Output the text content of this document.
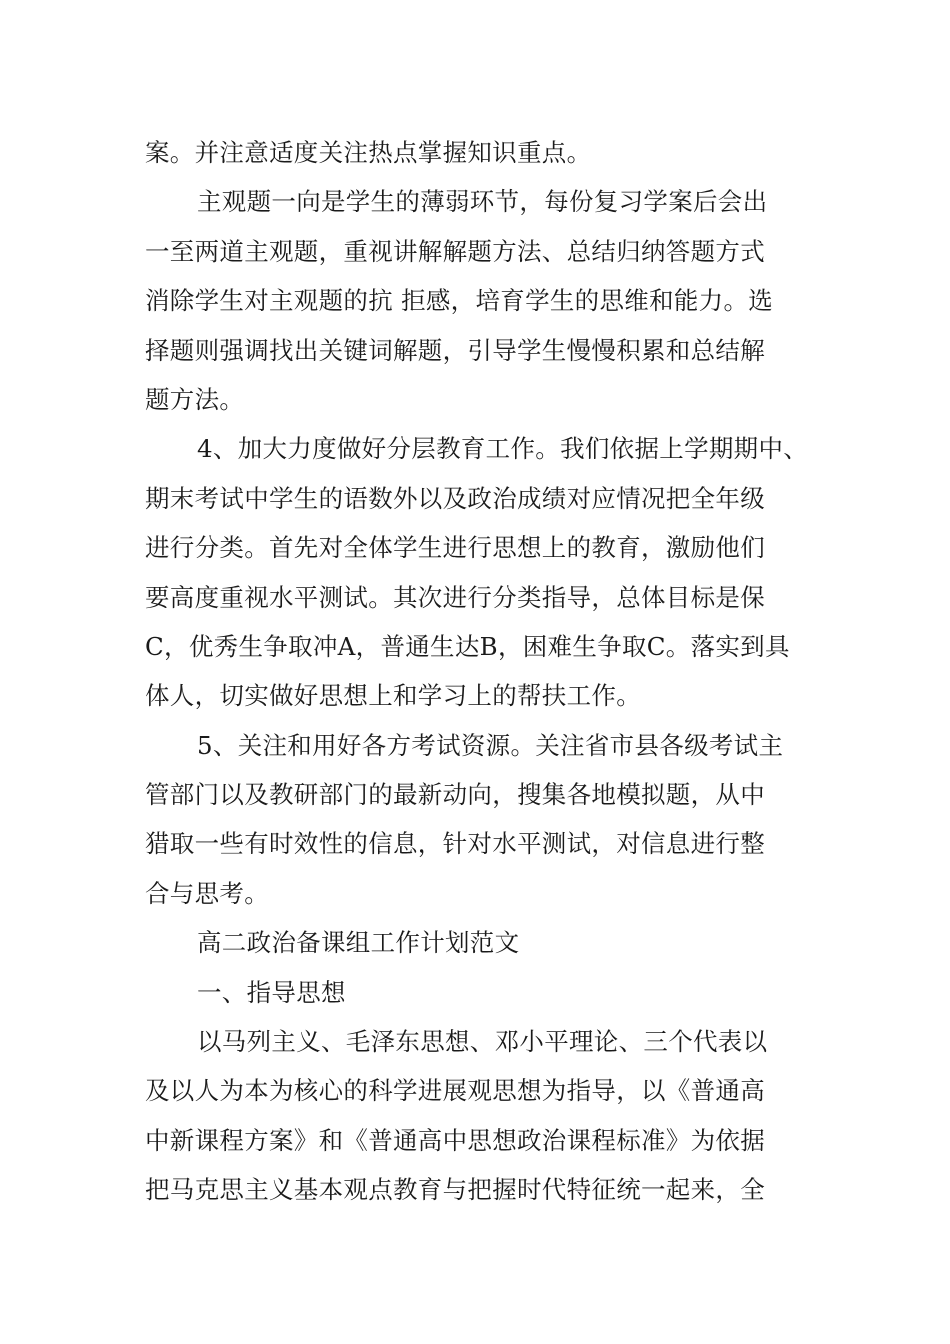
案。并注意适度关注热点掌握知识重点。
主观题一向是学生的薄弱环节，每份复习学案后会出
一至两道主观题，重视讲解解题方法、总结归纳答题方式
消除学生对主观题的抗 拒感，培育学生的思维和能力。选
择题则强调找出关键词解题，引导学生慢慢积累和总结解
题方法。
4、加大力度做好分层教育工作。我们依据上学期期中、
期末考试中学生的语数外以及政治成绩对应情况把全年级
进行分类。首先对全体学生进行思想上的教育，激励他们
要高度重视水平测试。其次进行分类指导，总体目标是保
C，优秀生争取冲A，普通生达B，困难生争取C。落实到具
体人，切实做好思想上和学习上的帮扶工作。
5、关注和用好各方考试资源。关注省市县各级考试主
管部门以及教研部门的最新动向，搜集各地模拟题，从中
猎取一些有时效性的信息，针对水平测试，对信息进行整
合与思考。
高二政治备课组工作计划范文
一、指导思想
以马列主义、毛泽东思想、邓小平理论、三个代表以
及以人为本为核心的科学进展观思想为指导，以《普通高
中新课程方案》和《普通高中思想政治课程标准》为依据
把马克思主义基本观点教育与把握时代特征统一起来，全
